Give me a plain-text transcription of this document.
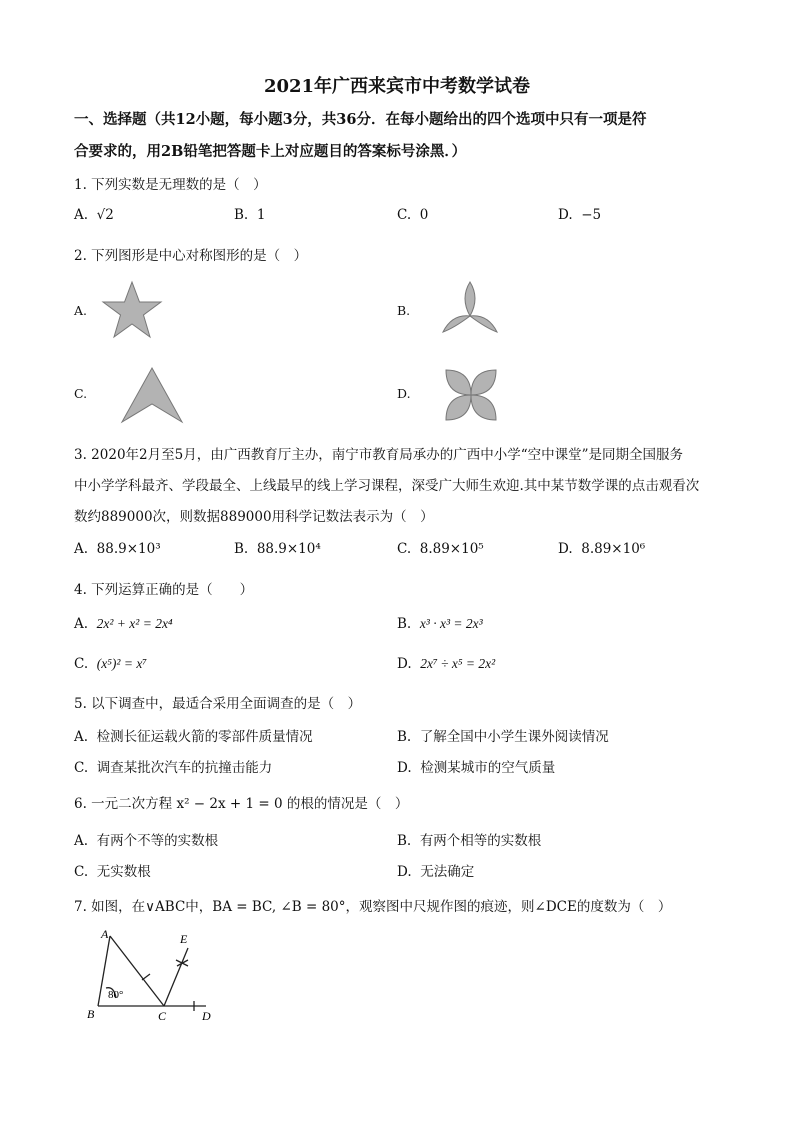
2021年广西来宾市中考数学试卷
一、选择题（共12小题，每小题3分，共36分．在每小题给出的四个选项中只有一项是符
合要求的，用2B铅笔把答题卡上对应题目的答案标号涂黑．）
1. 下列实数是无理数的是（　）
A. √2	B. 1	C. 0	D. −5
2. 下列图形是中心对称图形的是（　）
A.	B.
C.	D.
3. 2020年2月至5月，由广西教育厅主办，南宁市教育局承办的广西中小学“空中课堂”是同期全国服务
中小学学科最齐、学段最全、上线最早的线上学习课程，深受广大师生欢迎.其中某节数学课的点击观看次
数约889000次，则数据889000用科学记数法表示为（　）
A. 88.9×10³	B. 88.9×10⁴	C. 8.89×10⁵	D. 8.89×10⁶
4. 下列运算正确的是（　　）
A. 2x² + x² = 2x⁴	B. x³ · x³ = 2x³
C. (x⁵)² = x⁷	D. 2x⁷ ÷ x⁵ = 2x²
5. 以下调查中，最适合采用全面调查的是（　）
A. 检测长征运载火箭的零部件质量情况	B. 了解全国中小学生课外阅读情况
C. 调查某批次汽车的抗撞击能力	D. 检测某城市的空气质量
6. 一元二次方程 x² − 2x + 1 = 0 的根的情况是（　）
A. 有两个不等的实数根	B. 有两个相等的实数根
C. 无实数根	D. 无法确定
7. 如图，在∨ABC中，BA = BC, ∠B = 80°，观察图中尺规作图的痕迹，则∠DCE的度数为（　）
A
B	C	D
E
80°
